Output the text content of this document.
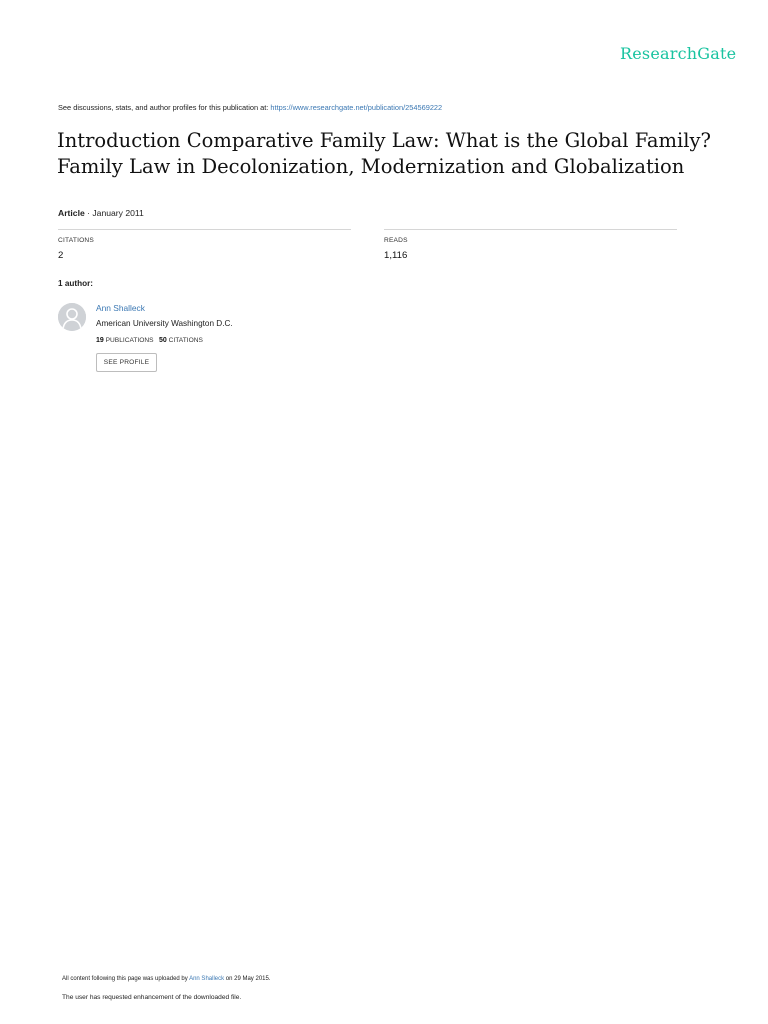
ResearchGate
See discussions, stats, and author profiles for this publication at: https://www.researchgate.net/publication/254569222
Introduction Comparative Family Law: What is the Global Family?
Family Law in Decolonization, Modernization and Globalization
Article · January 2011
CITATIONS
2
READS
1,116
1 author:
Ann Shalleck
American University Washington D.C.
19 PUBLICATIONS 50 CITATIONS
SEE PROFILE
All content following this page was uploaded by Ann Shalleck on 29 May 2015.
The user has requested enhancement of the downloaded file.
